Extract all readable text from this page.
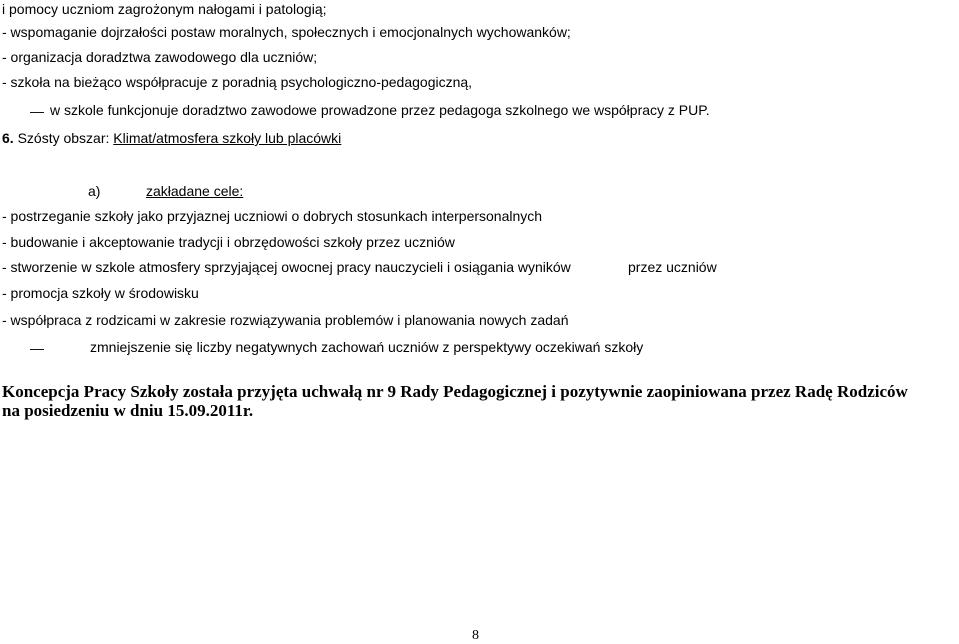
i pomocy uczniom zagrożonym nałogami i patologią;
- wspomaganie dojrzałości postaw moralnych, społecznych i emocjonalnych wychowanków;
- organizacja doradztwa zawodowego dla uczniów;
- szkoła na bieżąco współpracuje z poradnią psychologiczno-pedagogiczną,
— w szkole funkcjonuje doradztwo zawodowe prowadzone przez pedagoga szkolnego we współpracy z PUP.
6. Szósty obszar: Klimat/atmosfera szkoły lub placówki
a)	zakładane cele:
- postrzeganie szkoły jako przyjaznej uczniowi o dobrych stosunkach interpersonalnych
- budowanie i akceptowanie tradycji i obrzędowości szkoły przez uczniów
- stworzenie w szkole atmosfery sprzyjającej owocnej pracy nauczycieli i osiągania wyników	przez uczniów
- promocja szkoły w środowisku
- współpraca z rodzicami w zakresie rozwiązywania problemów i planowania nowych zadań
—	zmniejszenie się liczby negatywnych zachowań uczniów z perspektywy oczekiwań szkoły
Koncepcja Pracy Szkoły została przyjęta uchwałą nr 9 Rady Pedagogicznej i pozytywnie zaopiniowana przez Radę Rodziców
na posiedzeniu w dniu 15.09.2011r.
8
